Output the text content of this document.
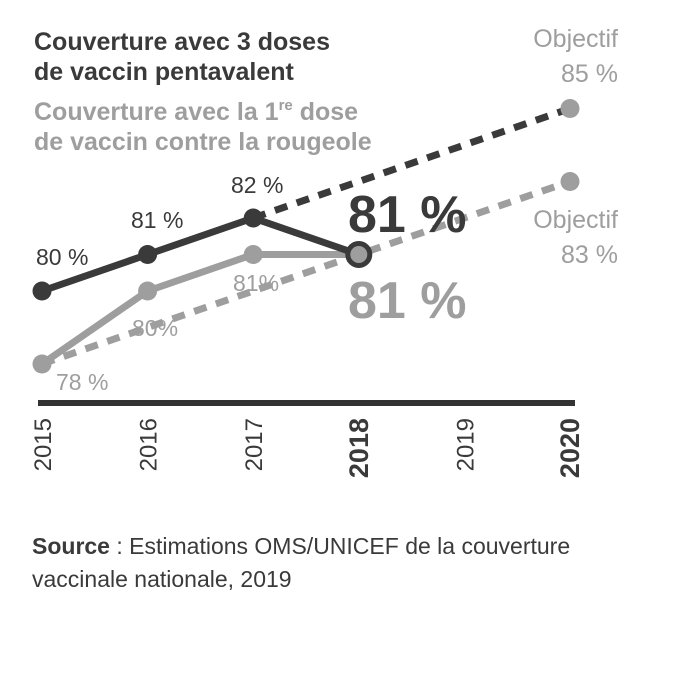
Couverture avec 3 doses
de vaccin pentavalent
Couverture avec la 1re dose
de vaccin contre la rougeole
Objectif
85 %
Objectif
83 %
80 %
81 %
82 %
81 %
78 %
80%
81% 81 %
2015	2016	2017	2018	2019	2020
Source : Estimations OMS/UNICEF de la couverture vaccinale nationale, 2019
